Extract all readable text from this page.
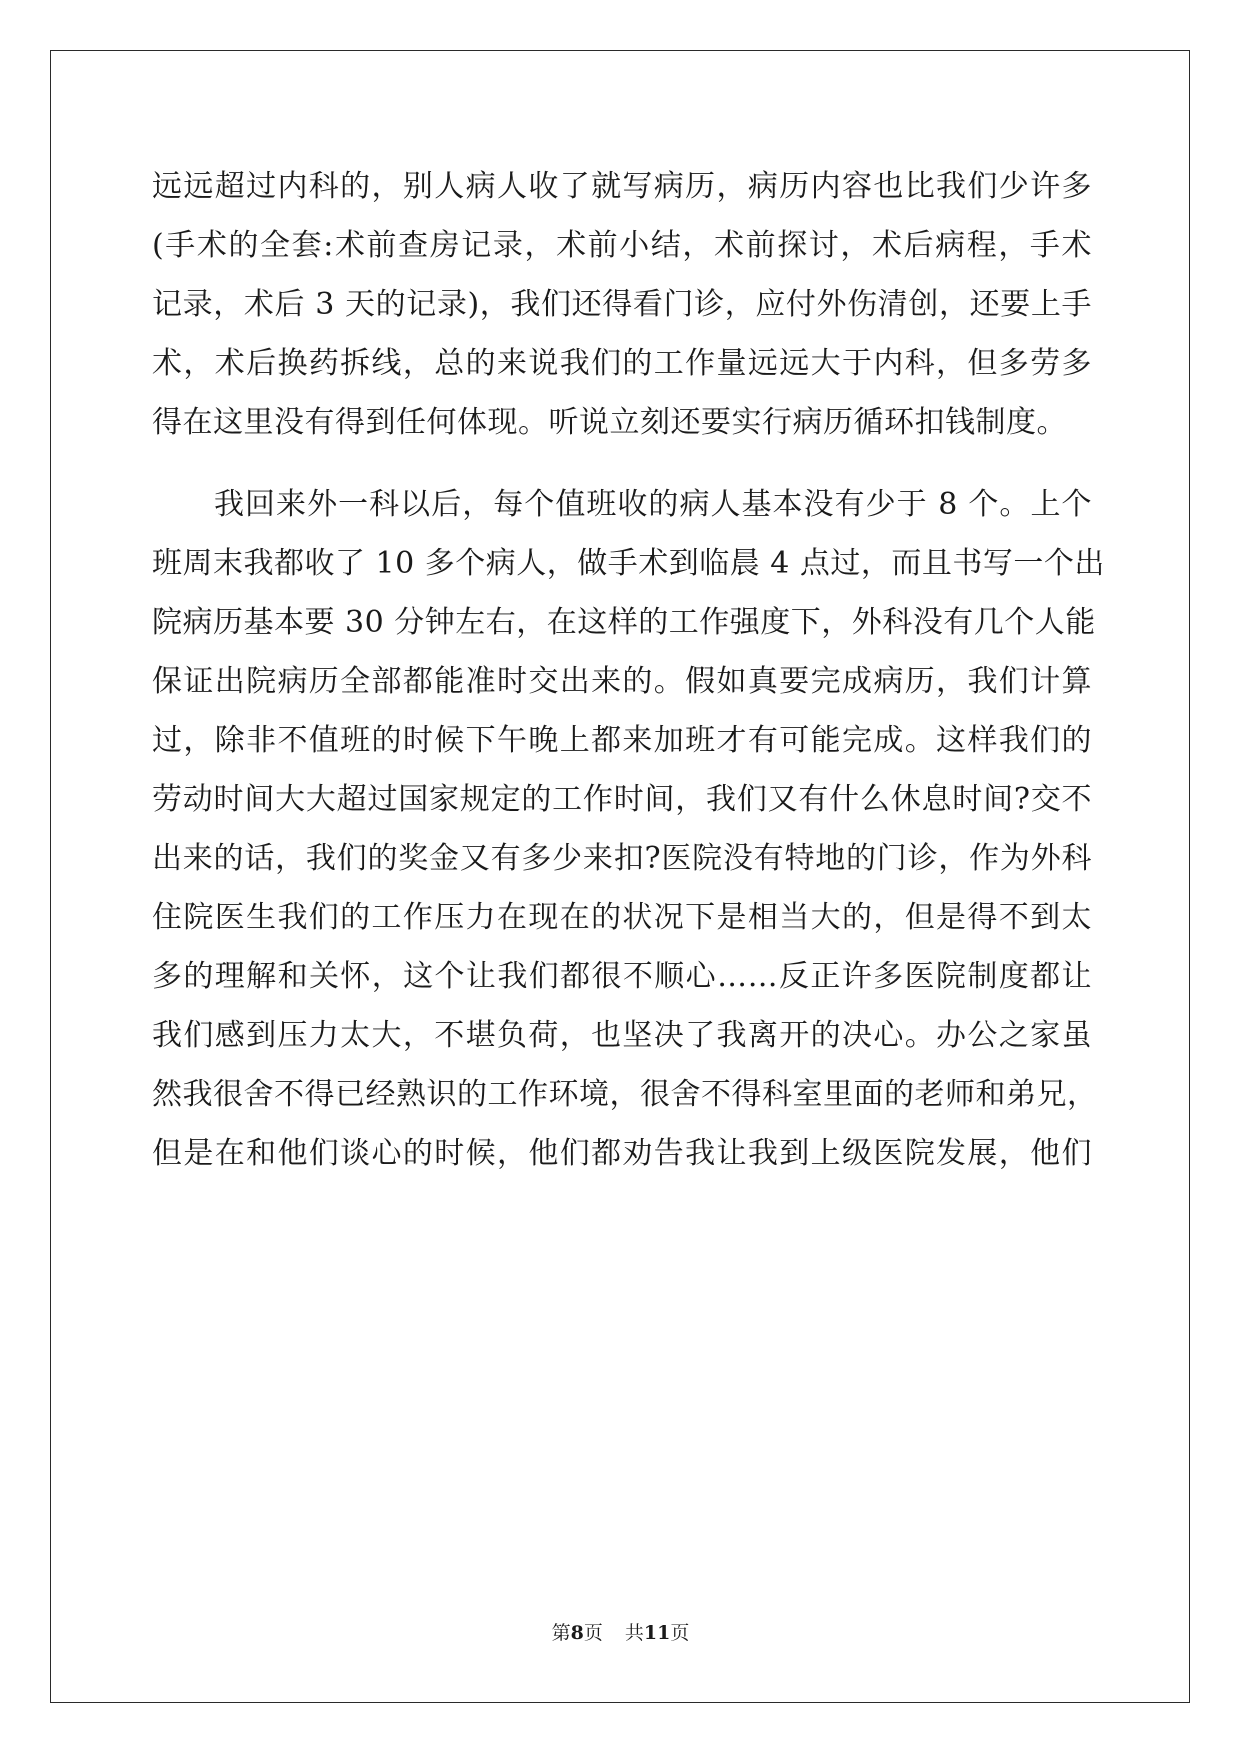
远远超过内科的，别人病人收了就写病历，病历内容也比我们少许多
(手术的全套:术前查房记录，术前小结，术前探讨，术后病程，手术
记录，术后 3 天的记录)，我们还得看门诊，应付外伤清创，还要上手
术，术后换药拆线，总的来说我们的工作量远远大于内科，但多劳多
得在这里没有得到任何体现。听说立刻还要实行病历循环扣钱制度。
我回来外一科以后，每个值班收的病人基本没有少于 8 个。上个
班周末我都收了 10 多个病人，做手术到临晨 4 点过，而且书写一个出
院病历基本要 30 分钟左右，在这样的工作强度下，外科没有几个人能
保证出院病历全部都能准时交出来的。假如真要完成病历，我们计算
过，除非不值班的时候下午晚上都来加班才有可能完成。这样我们的
劳动时间大大超过国家规定的工作时间，我们又有什么休息时间?交不
出来的话，我们的奖金又有多少来扣?医院没有特地的门诊，作为外科
住院医生我们的工作压力在现在的状况下是相当大的，但是得不到太
多的理解和关怀，这个让我们都很不顺心……反正许多医院制度都让
我们感到压力太大，不堪负荷，也坚决了我离开的决心。办公之家虽
然我很舍不得已经熟识的工作环境，很舍不得科室里面的老师和弟兄，
但是在和他们谈心的时候，他们都劝告我让我到上级医院发展，他们
第8页 共11页
